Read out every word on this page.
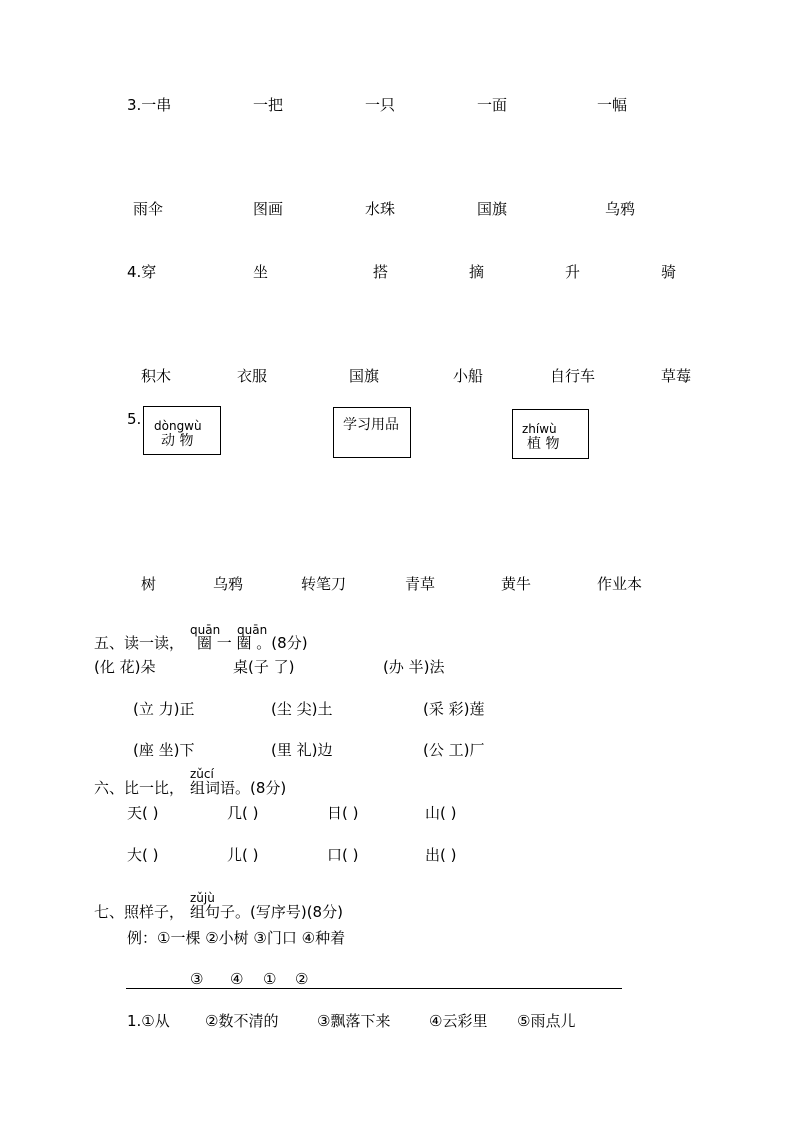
3.一串	一把	一只	一面	一幅
雨伞	图画	水珠	国旗	乌鸦
4.穿	坐	搭	摘	升	骑
积木	衣服	国旗	小船	自行车	草莓
5. dòngwù
动 物
学习用品	zhíwù
植 物
树	乌鸦	转笔刀	青草	黄牛	作业本
quān quān
五、读一读， 圈 一 圈 。(8分)
(化 花)朵	桌(子 了)	(办 半)法
(立 力)正	(尘 尖)土	(采 彩)莲
(座 坐)下	(里 礼)边	(公 工)厂
zǔcí
六、比一比， 组词语。(8分)
天( )	几( )	日( )	山( )
大( )	儿( )	口( )	出( )
zǔjù
七、照样子， 组句子。(写序号)(8分)
例：①一棵 ②小树 ③门口 ④种着
③ ④ ① ②
1.①从 ②数不清的	③飘落下来	④云彩里 ⑤雨点儿
